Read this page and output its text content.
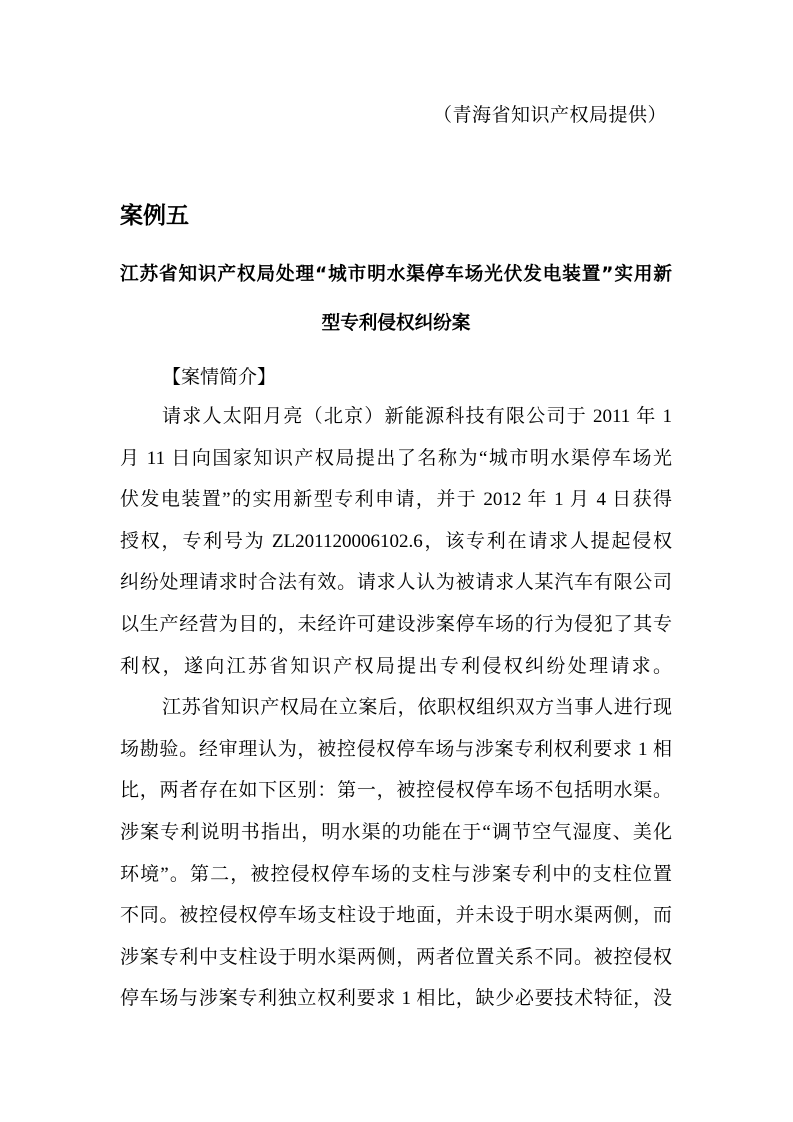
（青海省知识产权局提供）
案例五
江苏省知识产权局处理“城市明水渠停车场光伏发电装置”实用新
型专利侵权纠纷案
【案情简介】
请求人太阳月亮（北京）新能源科技有限公司于 2011 年 1
月 11 日向国家知识产权局提出了名称为“城市明水渠停车场光
伏发电装置”的实用新型专利申请，并于 2012 年 1 月 4 日获得
授权，专利号为 ZL201120006102.6，该专利在请求人提起侵权
纠纷处理请求时合法有效。请求人认为被请求人某汽车有限公司
以生产经营为目的，未经许可建设涉案停车场的行为侵犯了其专
利权，遂向江苏省知识产权局提出专利侵权纠纷处理请求。
江苏省知识产权局在立案后，依职权组织双方当事人进行现
场勘验。经审理认为，被控侵权停车场与涉案专利权利要求 1 相
比，两者存在如下区别：第一，被控侵权停车场不包括明水渠。
涉案专利说明书指出，明水渠的功能在于“调节空气湿度、美化
环境”。第二，被控侵权停车场的支柱与涉案专利中的支柱位置
不同。被控侵权停车场支柱设于地面，并未设于明水渠两侧，而
涉案专利中支柱设于明水渠两侧，两者位置关系不同。被控侵权
停车场与涉案专利独立权利要求 1 相比，缺少必要技术特征，没
